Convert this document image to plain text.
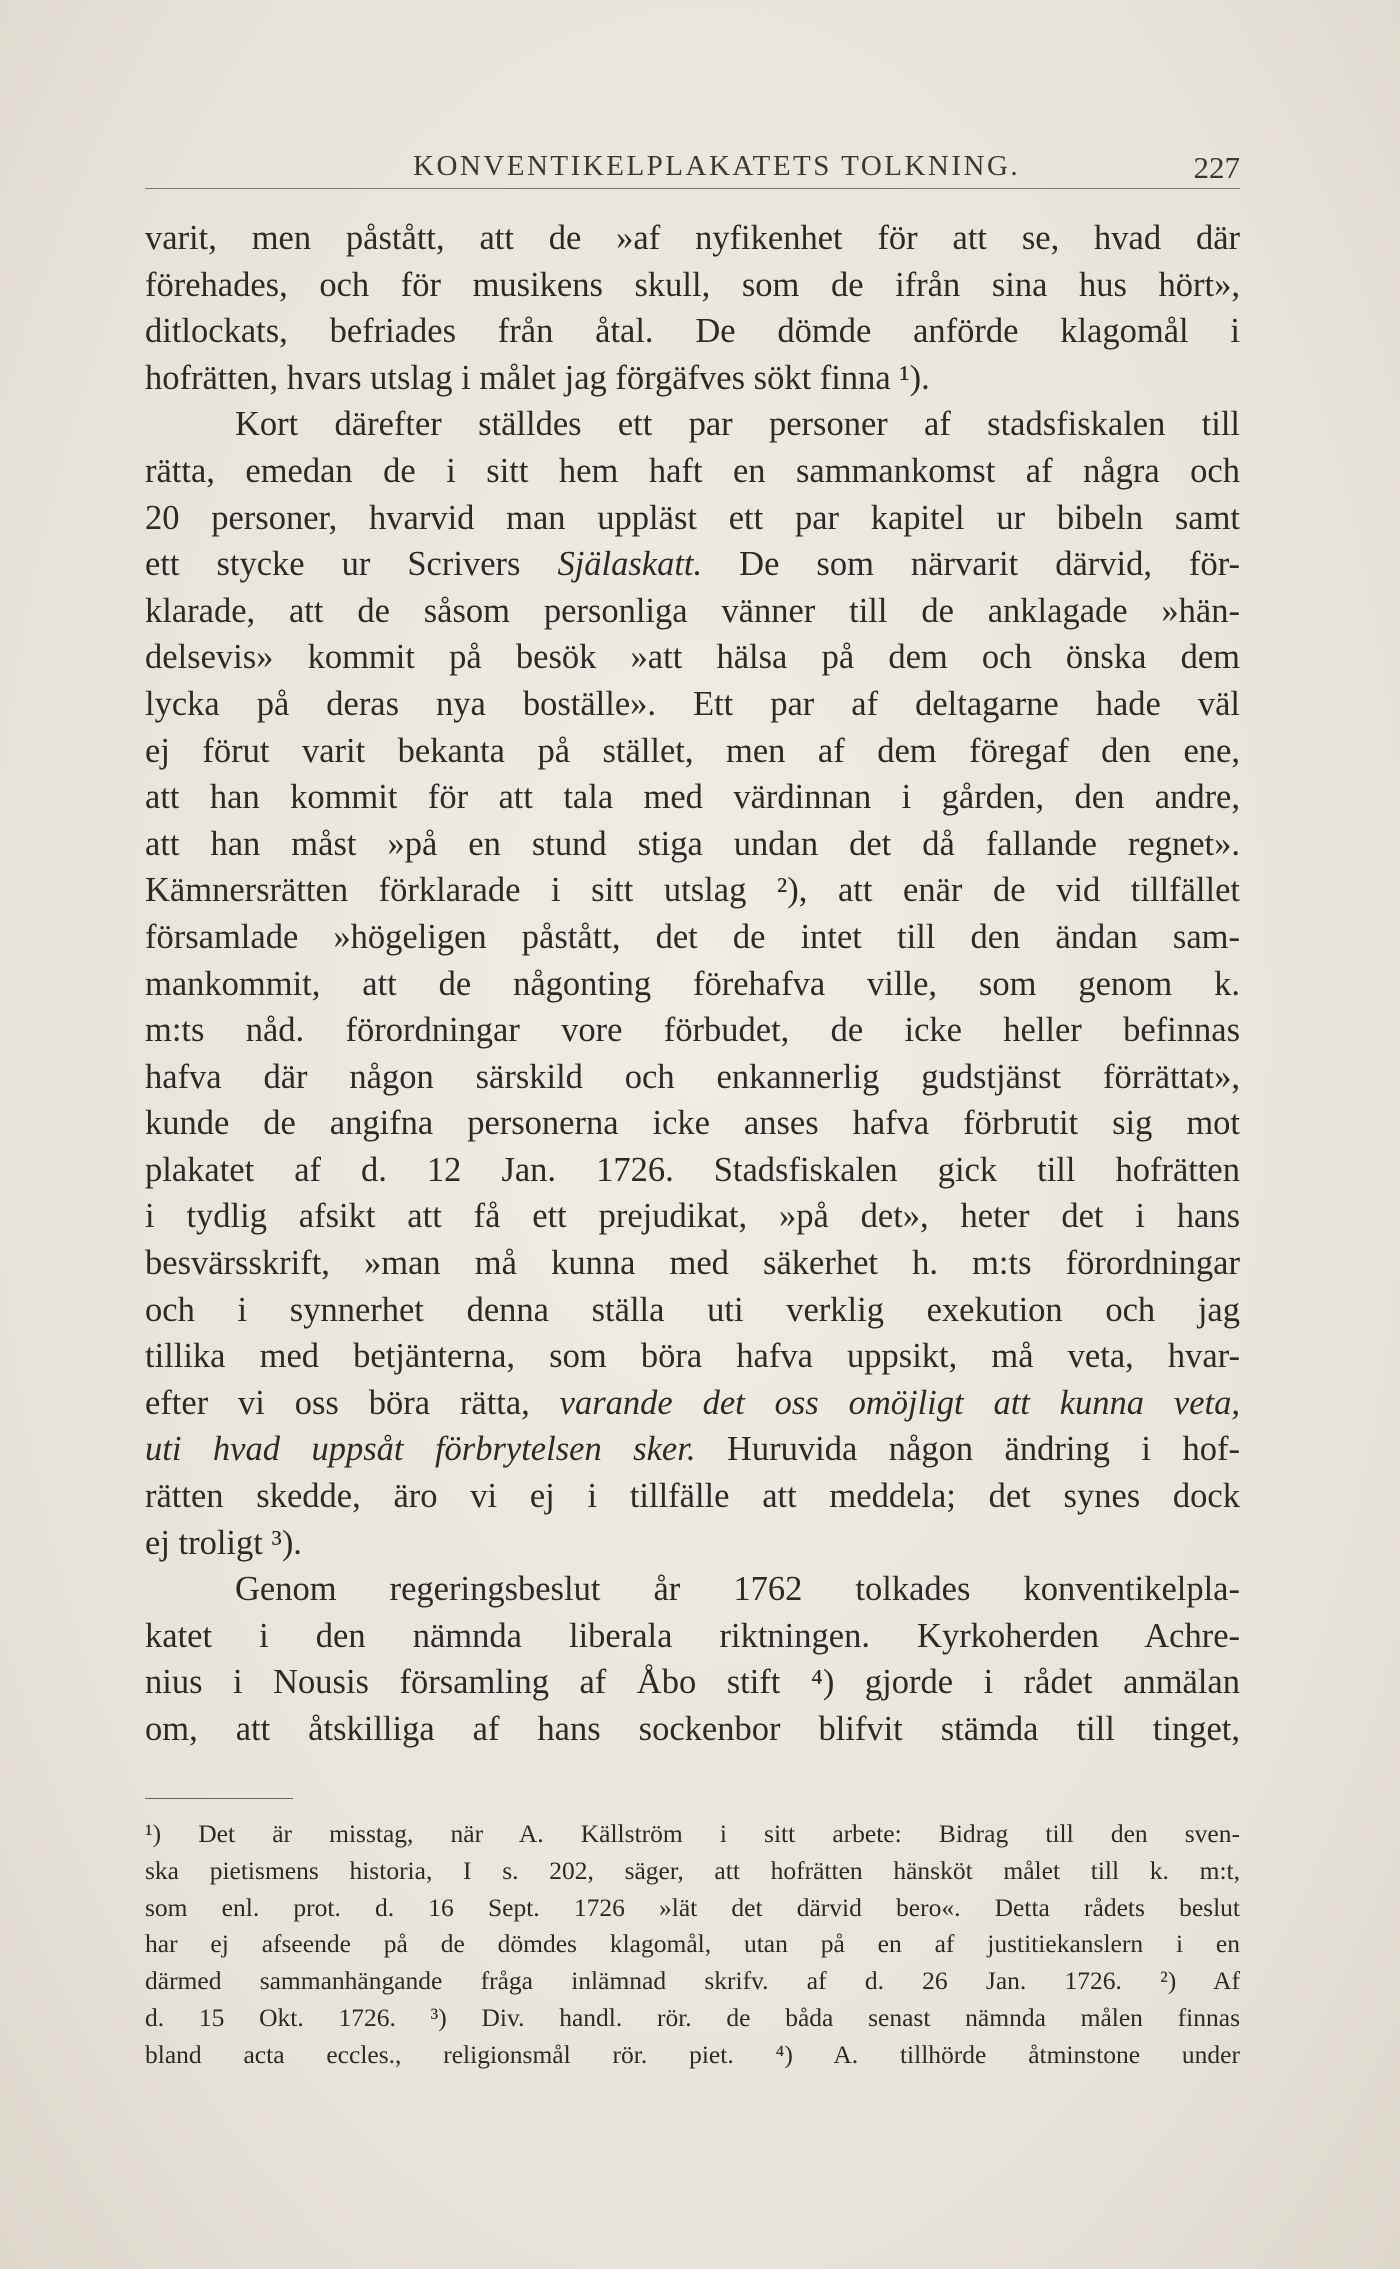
KONVENTIKELPLAKATETS TOLKNING.	227
varit, men påstått, att de »af nyfikenhet för att se, hvad där
förehades, och för musikens skull, som de ifrån sina hus hört»,
ditlockats, befriades från åtal. De dömde anförde klagomål i
hofrätten, hvars utslag i målet jag förgäfves sökt finna ¹).
Kort därefter ställdes ett par personer af stadsfiskalen till
rätta, emedan de i sitt hem haft en sammankomst af några och
20 personer, hvarvid man uppläst ett par kapitel ur bibeln samt
ett stycke ur Scrivers Själaskatt. De som närvarit därvid, för-
klarade, att de såsom personliga vänner till de anklagade »hän-
delsevis» kommit på besök »att hälsa på dem och önska dem
lycka på deras nya boställe». Ett par af deltagarne hade väl
ej förut varit bekanta på stället, men af dem föregaf den ene,
att han kommit för att tala med värdinnan i gården, den andre,
att han måst »på en stund stiga undan det då fallande regnet».
Kämnersrätten förklarade i sitt utslag ²), att enär de vid tillfället
församlade »högeligen påstått, det de intet till den ändan sam-
mankommit, att de någonting förehafva ville, som genom k.
m:ts nåd. förordningar vore förbudet, de icke heller befinnas
hafva där någon särskild och enkannerlig gudstjänst förrättat»,
kunde de angifna personerna icke anses hafva förbrutit sig mot
plakatet af d. 12 Jan. 1726. Stadsfiskalen gick till hofrätten
i tydlig afsikt att få ett prejudikat, »på det», heter det i hans
besvärsskrift, »man må kunna med säkerhet h. m:ts förordningar
och i synnerhet denna ställa uti verklig exekution och jag
tillika med betjänterna, som böra hafva uppsikt, må veta, hvar-
efter vi oss böra rätta, varande det oss omöjligt att kunna veta,
uti hvad uppsåt förbrytelsen sker. Huruvida någon ändring i hof-
rätten skedde, äro vi ej i tillfälle att meddela; det synes dock
ej troligt ³).
Genom regeringsbeslut år 1762 tolkades konventikelpla-
katet i den nämnda liberala riktningen. Kyrkoherden Achre-
nius i Nousis församling af Åbo stift ⁴) gjorde i rådet anmälan
om, att åtskilliga af hans sockenbor blifvit stämda till tinget,
¹) Det är misstag, när A. Källström i sitt arbete: Bidrag till den sven-
ska pietismens historia, I s. 202, säger, att hofrätten hänsköt målet till k. m:t,
som enl. prot. d. 16 Sept. 1726 »lät det därvid bero«. Detta rådets beslut
har ej afseende på de dömdes klagomål, utan på en af justitiekanslern i en
därmed sammanhängande fråga inlämnad skrifv. af d. 26 Jan. 1726. ²) Af
d. 15 Okt. 1726. ³) Div. handl. rör. de båda senast nämnda målen finnas
bland acta eccles., religionsmål rör. piet. ⁴) A. tillhörde åtminstone under
